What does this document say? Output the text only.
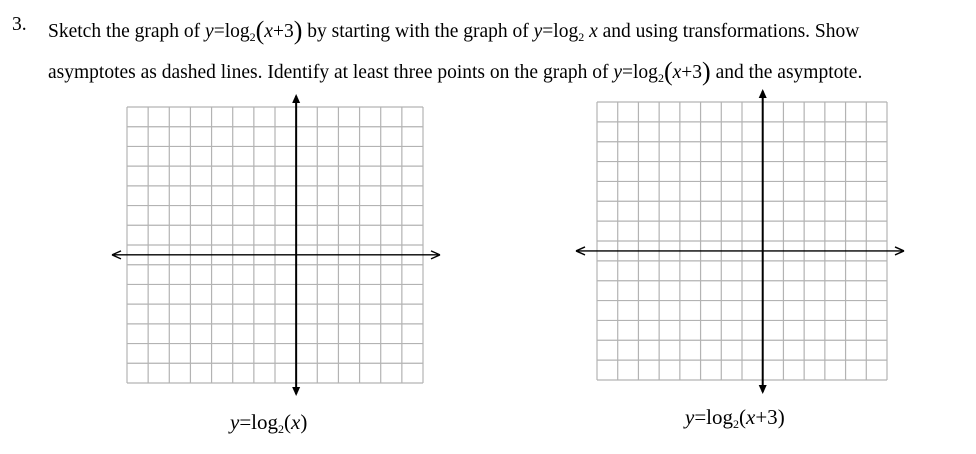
3. Sketch the graph of $y=\log_2(x+3)$ by starting with the graph of $y=\log_2$ x and using transformations. Show
asymptotes as dashed lines. Identify at least three points on the graph of $y=\log_2(x+3)$ and the asymptote.
$y=\log_2(x)$	$y=\log_2(x+3)$
